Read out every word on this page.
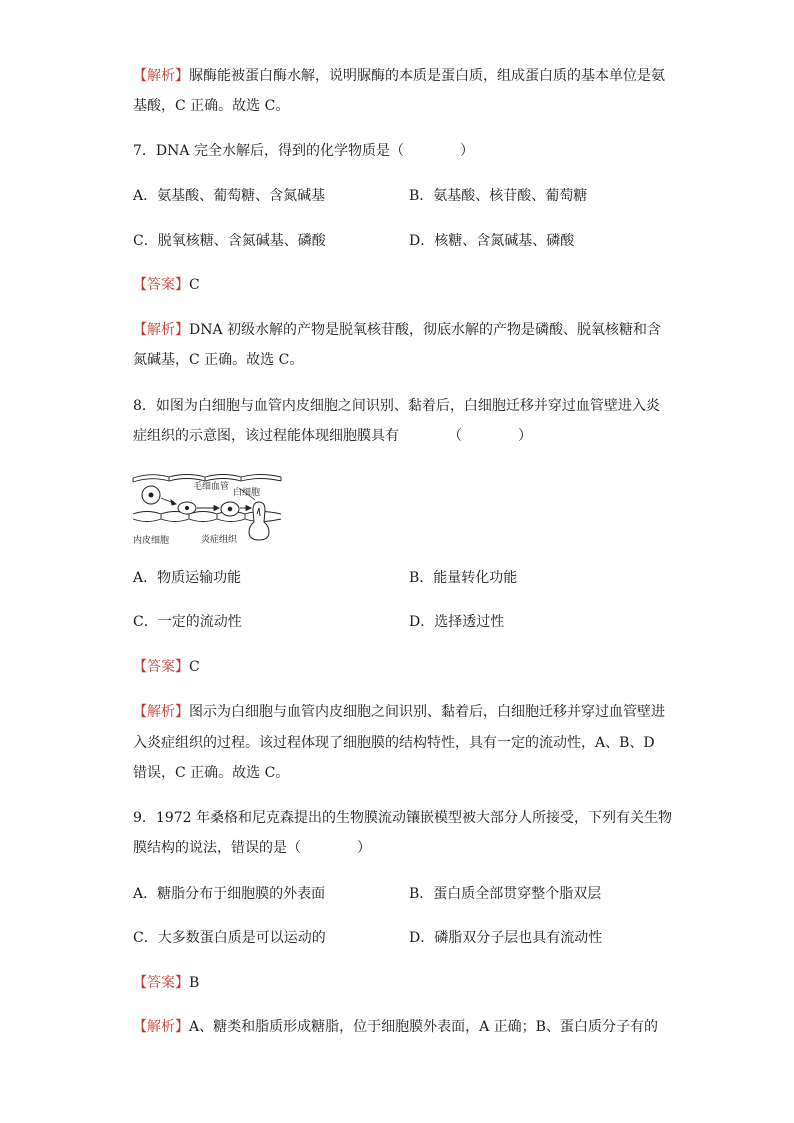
【解析】脲酶能被蛋白酶水解，说明脲酶的本质是蛋白质，组成蛋白质的基本单位是氨
基酸，C 正确。故选 C。
7．DNA 完全水解后，得到的化学物质是（　　　　）
A．氨基酸、葡萄糖、含氮碱基	B．氨基酸、核苷酸、葡萄糖
C．脱氧核糖、含氮碱基、磷酸	D．核糖、含氮碱基、磷酸
【答案】C
【解析】DNA 初级水解的产物是脱氧核苷酸，彻底水解的产物是磷酸、脱氧核糖和含
氮碱基，C 正确。故选 C。
8．如图为白细胞与血管内皮细胞之间识别、黏着后，白细胞迁移并穿过血管壁进入炎
症组织的示意图，该过程能体现细胞膜具有　　　　（　　　　）
毛细血管
白细胞
内皮细胞	炎症组织
A．物质运输功能	B．能量转化功能
C．一定的流动性	D．选择透过性
【答案】C
【解析】图示为白细胞与血管内皮细胞之间识别、黏着后，白细胞迁移并穿过血管壁进
入炎症组织的过程。该过程体现了细胞膜的结构特性，具有一定的流动性，A、B、D
错误，C 正确。故选 C。
9．1972 年桑格和尼克森提出的生物膜流动镶嵌模型被大部分人所接受，下列有关生物
膜结构的说法，错误的是（　　　　）
A．糖脂分布于细胞膜的外表面	B．蛋白质全部贯穿整个脂双层
C．大多数蛋白质是可以运动的	D．磷脂双分子层也具有流动性
【答案】B
【解析】A、糖类和脂质形成糖脂，位于细胞膜外表面，A 正确；B、蛋白质分子有的
